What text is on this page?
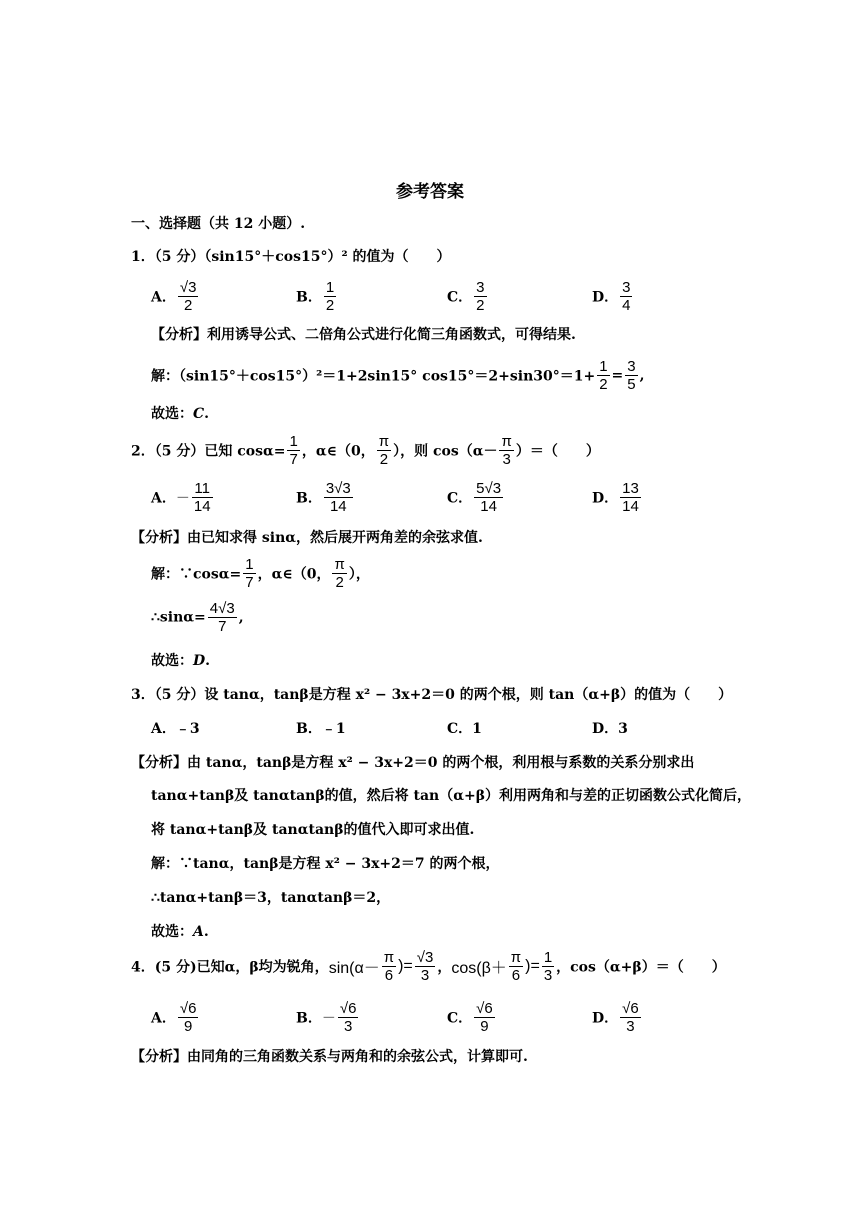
参考答案
一、选择题（共 12 小题）.
1．（5 分）（sin15°＋cos15°）² 的值为（　　）
A． $\frac{√3}{2}$	B． $\frac{1}{2}$	C． $\frac{3}{2}$	D． $\frac{3}{4}$
【分析】利用诱导公式、二倍角公式进行化简三角函数式，可得结果.
解：（sin15°＋cos15°）²＝1+2sin15° $\cos 15^\circ=2+\sin 30^\circ=1+ \frac{1}{2} = \frac{3}{5}$ ,
故选：C.
2．（5 分）已知 $\cos\alpha= \frac{1}{7}$ ，α∈（0， $\frac{\pi}{2}$ ），则 $\cos(\alpha- \frac{\pi}{3}$ ）＝（　　）
A．－ $\frac{11}{14}$	B． $\frac{3√3}{14}$	C． $\frac{5√3}{14}$	D． $\frac{13}{14}$
【分析】由已知求得 sinα，然后展开两角差的余弦求值.
解：∵cosα= $\frac{1}{7}$ ，α∈（0， $\frac{\pi}{2}$ ），
∴sinα= $\frac{4√3}{7}$ ,
故选：D.
3．（5 分）设 tanα，tanβ是方程 x² − 3x+2＝0 的两个根，则 tan（α+β）的值为（　　）
A．﹣3	B．﹣1	C．1	D．3
【分析】由 tanα，tanβ是方程 x² − 3x+2＝0 的两个根，利用根与系数的关系分别求出
tanα+tanβ及 tanαtanβ的值，然后将 tan（α+β）利用两角和与差的正切函数公式化简后，
将 tanα+tanβ及 tanαtanβ的值代入即可求出值.
解：∵tanα，tanβ是方程 x² − 3x+2＝7 的两个根，
∴tanα+tanβ＝3，tanαtanβ＝2，
故选：A.
4．(5 分)已知α，β均为锐角，$\sin(\alpha- \frac{\pi}{6}$ )= $\frac{√3}{3}$ ，$\cos(\beta+ \frac{\pi}{6}$ )= $\frac{1}{3}$ ，cos（α+β）＝（　　）
A． $\frac{√6}{9}$	B．－ $\frac{√6}{3}$	C． $\frac{√6}{9}$	D． $\frac{√6}{3}$
【分析】由同角的三角函数关系与两角和的余弦公式，计算即可.
